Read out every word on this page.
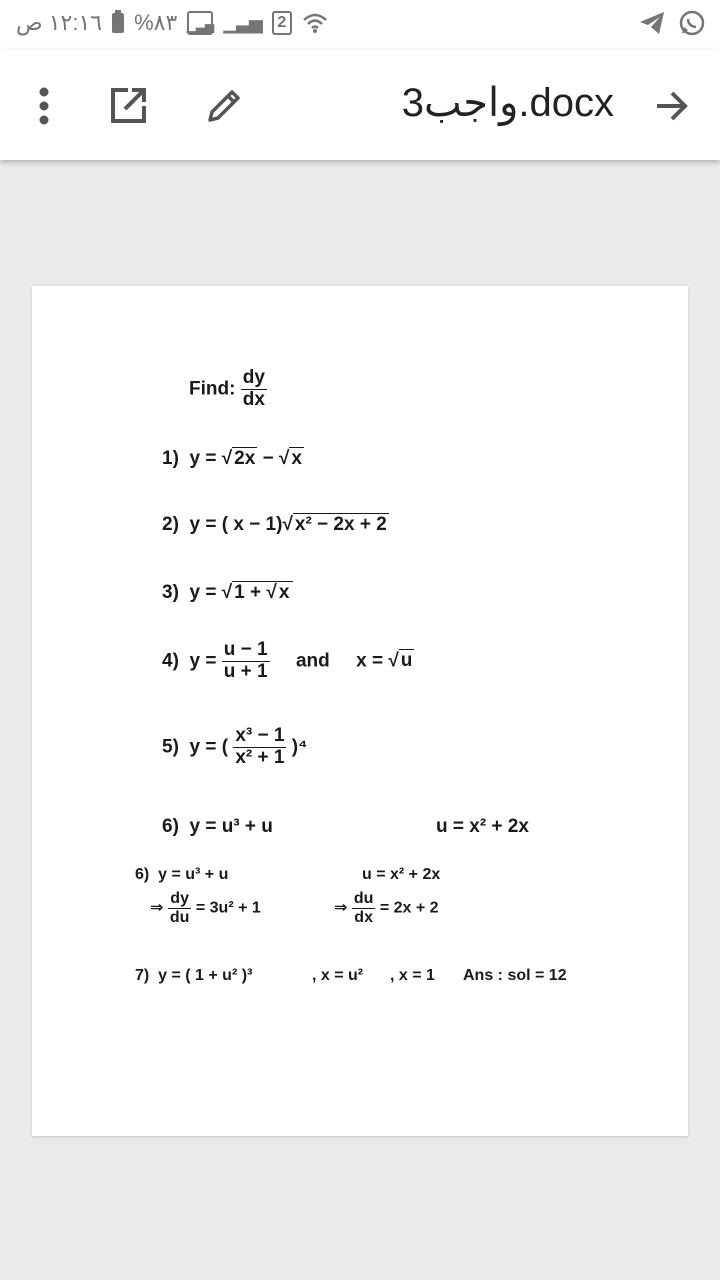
١٢:١٦ ص %٨٣ ▁▃▅ ▁▃▅ 2
واجب3.docx
Find: $\frac{dy}{dx}$
1) y = √ 2x − √ x
2) y = ( x − 1)√ x² − 2x + 2
3) y = √ 1 + √ x
4) $y = \frac{u - 1}{u + 1}$ and x = √ u
5) y = ( $\frac{\text{x³ − 1}}{\text{x² + 1}} )^4$
6) y = u³ + u	u = x² + 2x
6) y = u³ + u	u = x² + 2x
⇒ $\frac{dy}{du} = 3u^2 + 1$	⇒ $\frac{du}{dx} = 2x + 2$
7) y = ( 1 + u² )³	, x = u² , x = 1 Ans : sol = 12
